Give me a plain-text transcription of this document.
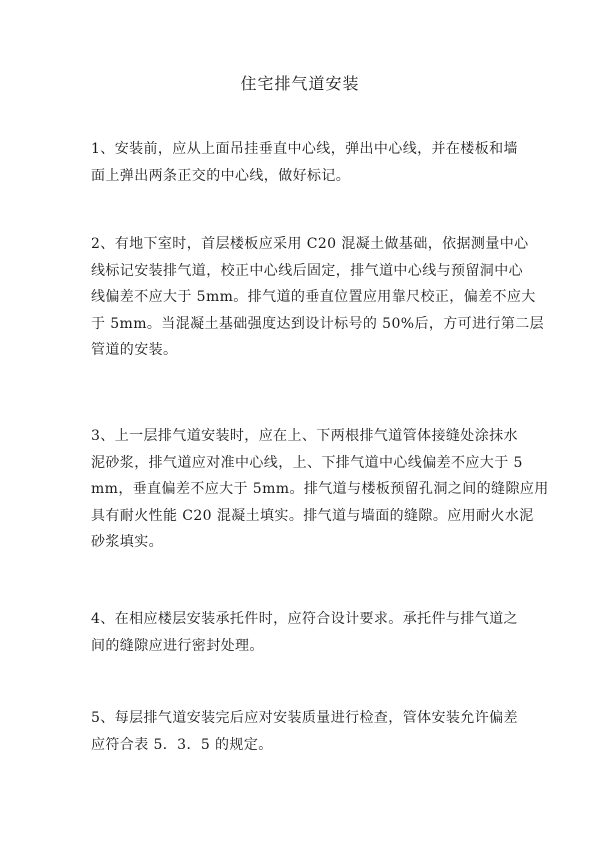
住宅排气道安装

1、安装前，应从上面吊挂垂直中心线，弹出中心线，并在楼板和墙
面上弹出两条正交的中心线，做好标记。

2、有地下室时，首层楼板应采用 C20 混凝土做基础，依据测量中心
线标记安装排气道，校正中心线后固定，排气道中心线与预留洞中心
线偏差不应大于 5mm。排气道的垂直位置应用靠尺校正，偏差不应大
于 5mm。当混凝土基础强度达到设计标号的 50%后，方可进行第二层
管道的安装。

3、上一层排气道安装时，应在上、下两根排气道管体接缝处涂抹水
泥砂浆，排气道应对准中心线，上、下排气道中心线偏差不应大于 5
mm，垂直偏差不应大于 5mm。排气道与楼板预留孔洞之间的缝隙应用
具有耐火性能 C20 混凝土填实。排气道与墙面的缝隙。应用耐火水泥
砂浆填实。

4、在相应楼层安装承托件时，应符合设计要求。承托件与排气道之
间的缝隙应进行密封处理。

5、每层排气道安装完后应对安装质量进行检查，管体安装允许偏差
应符合表 5．3．5 的规定。
